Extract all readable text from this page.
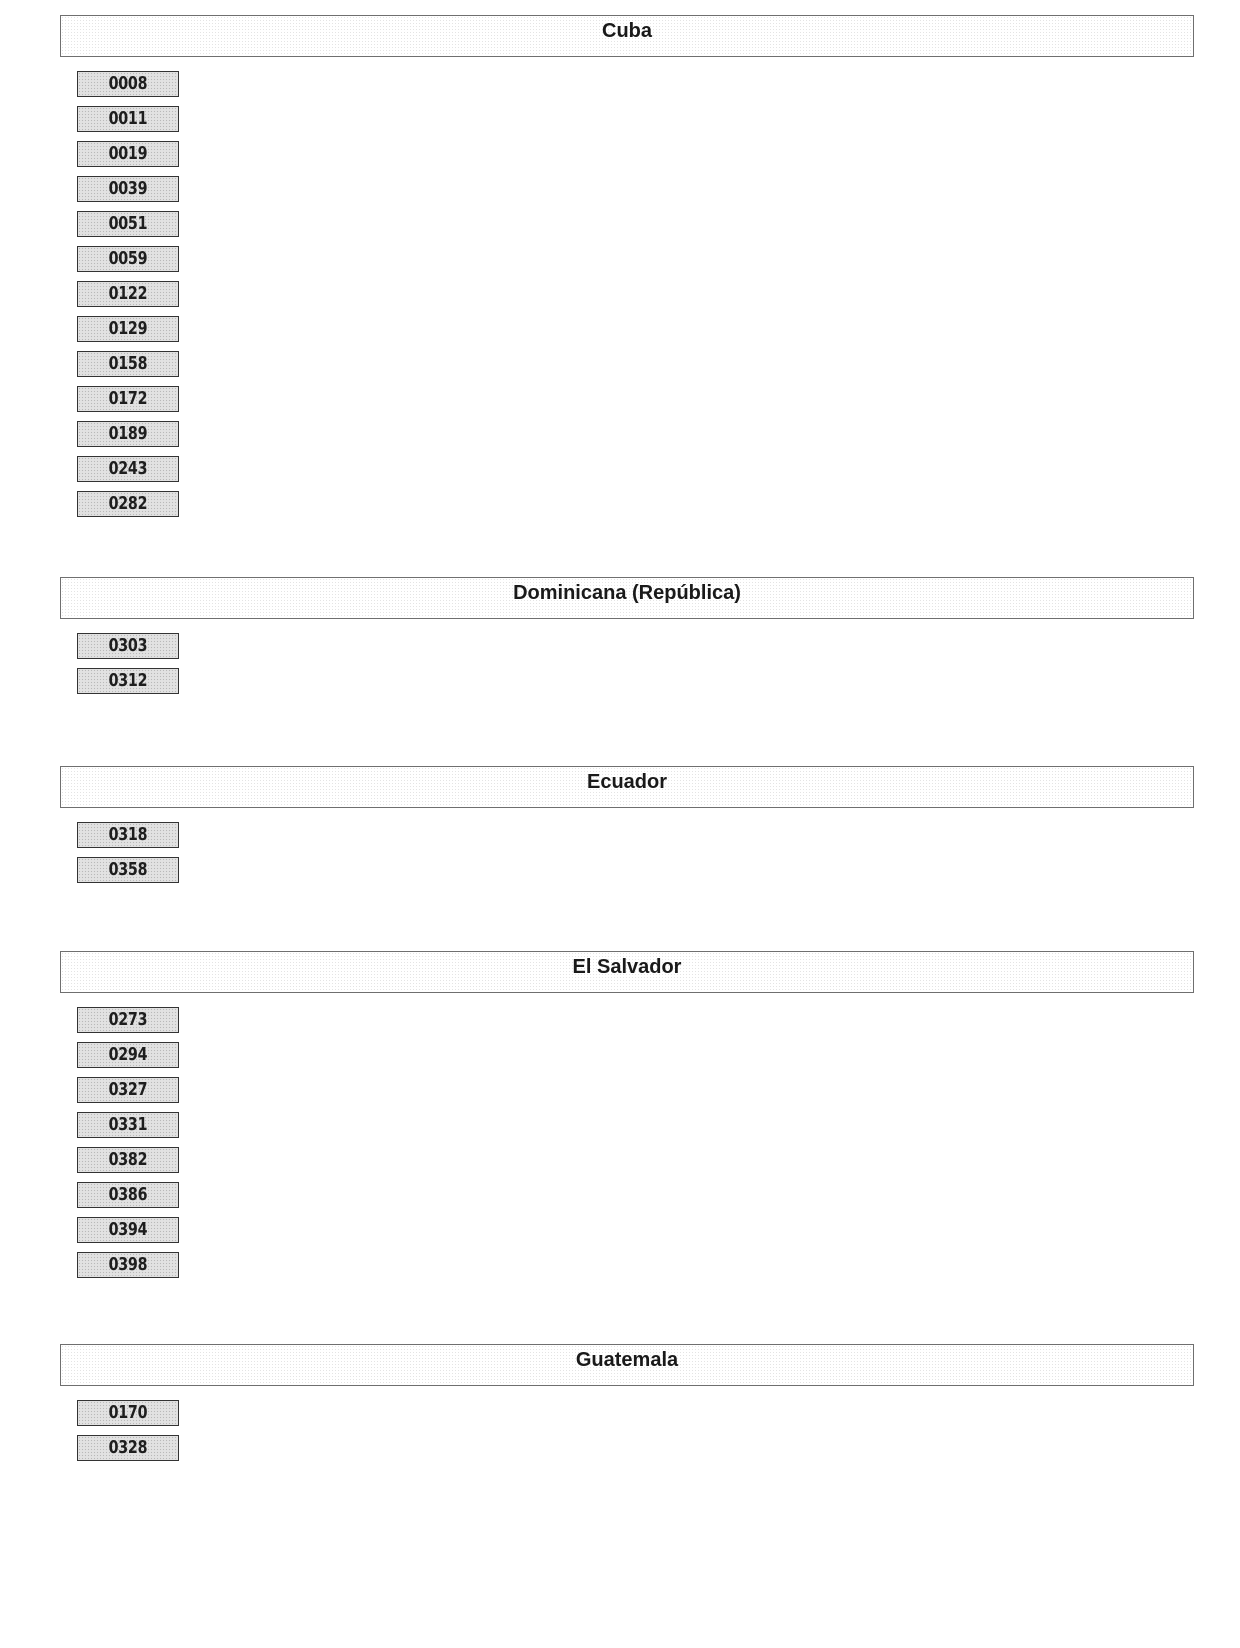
Cuba
0008
0011
0019
0039
0051
0059
0122
0129
0158
0172
0189
0243
0282
Dominicana (República)
0303
0312
Ecuador
0318
0358
El Salvador
0273
0294
0327
0331
0382
0386
0394
0398
Guatemala
0170
0328
